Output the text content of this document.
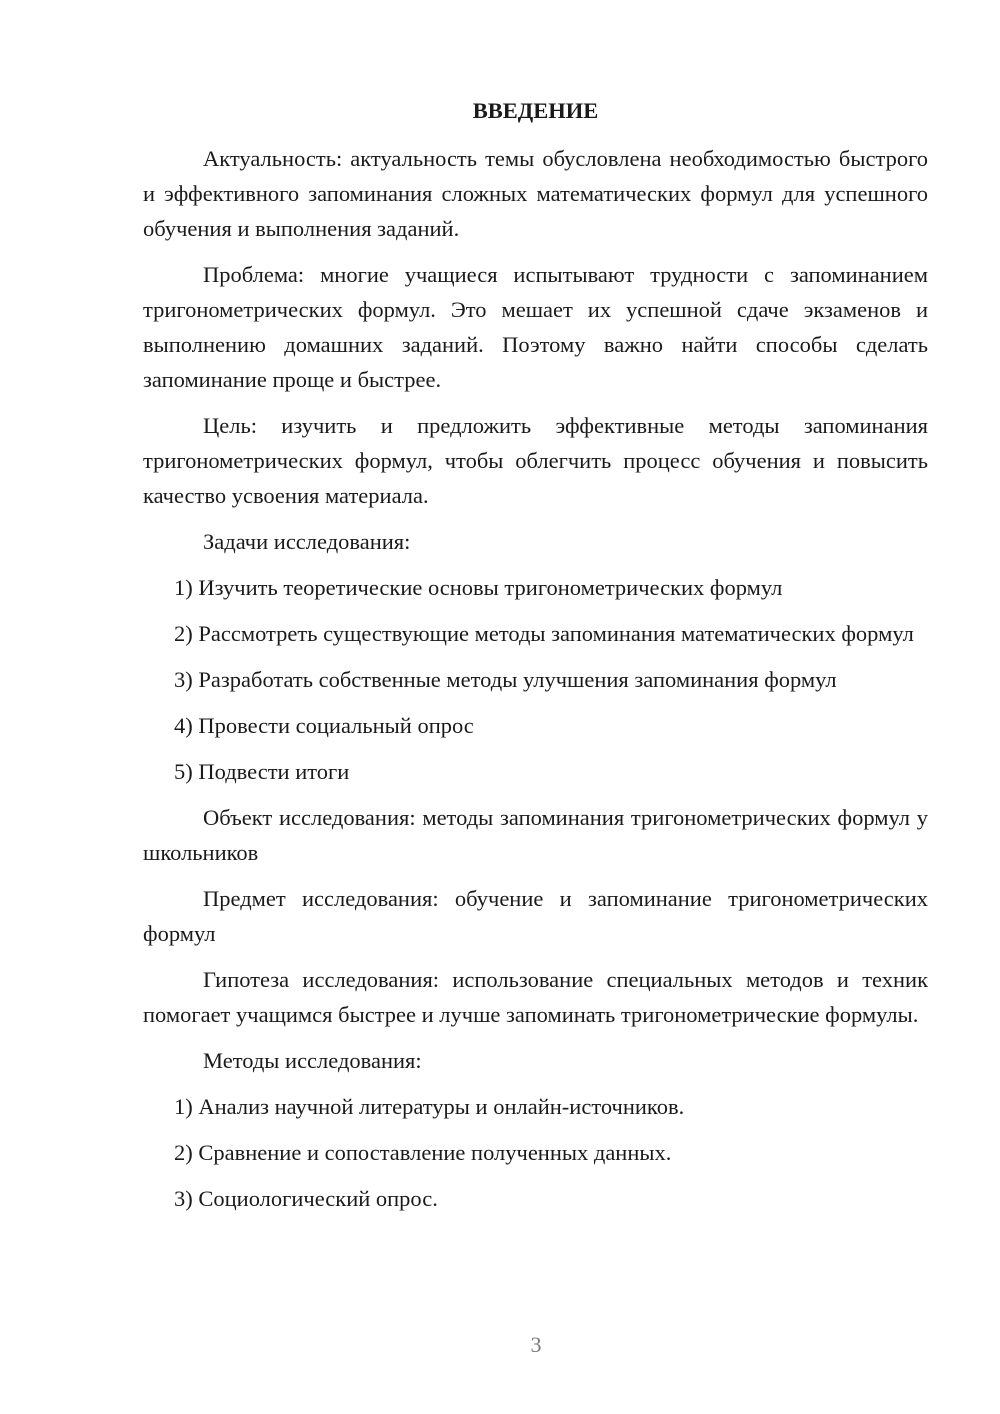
ВВЕДЕНИЕ

Актуальность: актуальность темы обусловлена необходимостью быстрого и эффективного запоминания сложных математических формул для успешного обучения и выполнения заданий.

Проблема: многие учащиеся испытывают трудности с запоминанием тригонометрических формул. Это мешает их успешной сдаче экзаменов и выполнению домашних заданий. Поэтому важно найти способы сделать запоминание проще и быстрее.

Цель: изучить и предложить эффективные методы запоминания тригонометрических формул, чтобы облегчить процесс обучения и повысить качество усвоения материала.

Задачи исследования:

1) Изучить теоретические основы тригонометрических формул

2) Рассмотреть существующие методы запоминания математических формул

3) Разработать собственные методы улучшения запоминания формул

4) Провести социальный опрос

5) Подвести итоги

Объект исследования: методы запоминания тригонометрических формул у школьников

Предмет исследования: обучение и запоминание тригонометрических формул

Гипотеза исследования: использование специальных методов и техник помогает учащимся быстрее и лучше запоминать тригонометрические формулы.

Методы исследования:

1) Анализ научной литературы и онлайн-источников.

2) Сравнение и сопоставление полученных данных.

3) Социологический опрос.

3
